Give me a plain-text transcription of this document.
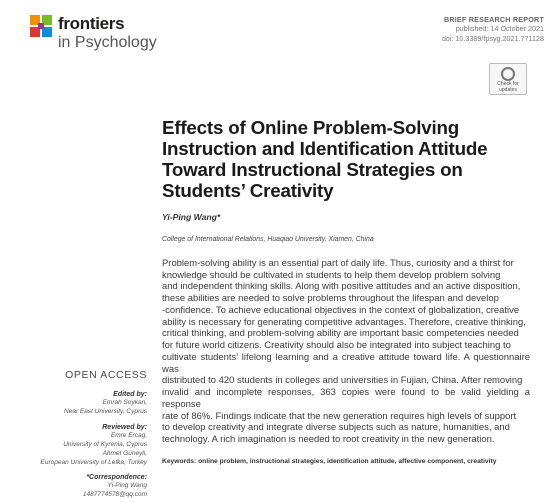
frontiers
in Psychology
BRIEF RESEARCH REPORT
published: 14 October 2021
doi: 10.3389/fpsyg.2021.771128
Check for
updates
Effects of Online Problem-Solving
Instruction and Identification Attitude
Toward Instructional Strategies on
Students’ Creativity
Yi-Ping Wang*
College of International Relations, Huaqiao University, Xiamen, China
Problem-solving ability is an essential part of daily life. Thus, curiosity and a thirst for
knowledge should be cultivated in students to help them develop problem solving
and independent thinking skills. Along with positive attitudes and an active disposition,
these abilities are needed to solve problems throughout the lifespan and develop
-confidence. To achieve educational objectives in the context of globalization, creative
ability is necessary for generating competitive advantages. Therefore, creative thinking,
critical thinking, and problem-solving ability are important basic competencies needed
for future world citizens. Creativity should also be integrated into subject teaching to
cultivate students’ lifelong learning and a creative attitude toward life. A questionnaire was
distributed to 420 students in colleges and universities in Fujian, China. After removing
invalid and incomplete responses, 363 copies were found to be valid yielding a response
rate of 86%. Findings indicate that the new generation requires high levels of support
to develop creativity and integrate diverse subjects such as nature, humanities, and
technology. A rich imagination is needed to root creativity in the new generation.
Keywords: online problem, instructional strategies, identification attitude, affective component, creativity
OPEN ACCESS
Edited by:
Emrah Soykan,
Near East University, Cyprus
Reviewed by:
Emre Ercag,
University of Kyrenia, Cyprus
Ahmet Güneyli,
European University of Lefka, Turkey
*Correspondence:
Yi-Ping Wang
1487774578@qq.com
